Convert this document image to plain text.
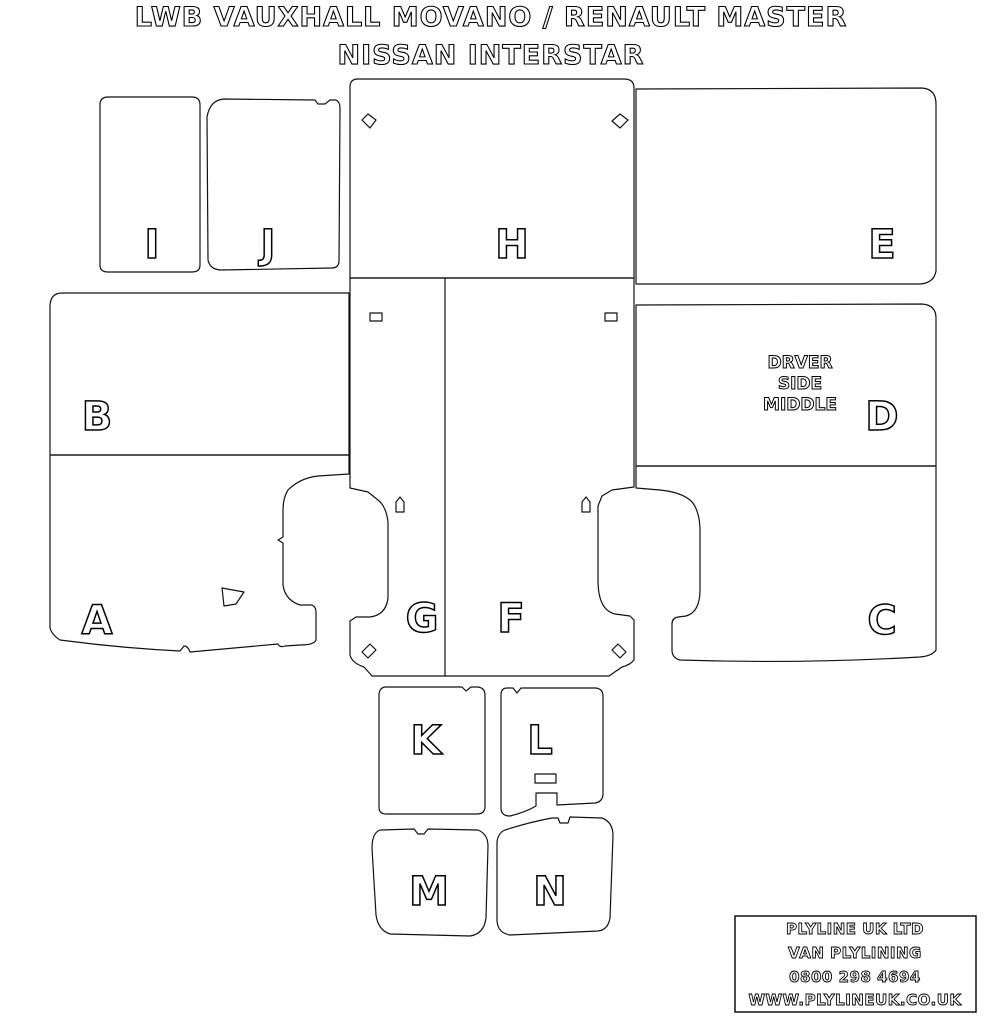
LWB VAUXHALL MOVANO / RENAULT MASTER
NISSAN INTERSTAR
I	J	H	E
B
A	G F
DRVER
SIDE
MIDDLE D
C
K L
M N
PLYLINE UK LTD
VAN PLYLINING
0800 298 4694
WWW.PLYLINEUK.CO.UK
